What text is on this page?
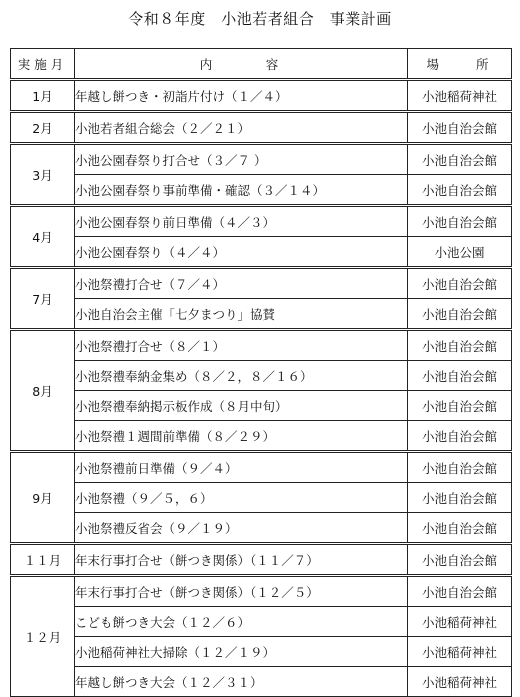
令和８年度　小池若者組合　事業計画
実施月	内　　　容	場　　所
1月	年越し餅つき・初詣片付け（１／４）	小池稲荷神社
2月	小池若者組合総会（２／２１）	小池自治会館
3月	小池公園春祭り打合せ（３／７ ）	小池自治会館
	小池公園春祭り事前準備・確認（３／１４）	小池自治会館
4月	小池公園春祭り前日準備（４／３）	小池自治会館
	小池公園春祭り（４／４）	小池公園
7月	小池祭禮打合せ（７／４）	小池自治会館
	小池自治会主催「七夕まつり」協賛	小池自治会館
8月	小池祭禮打合せ（８／１）	小池自治会館
	小池祭禮奉納金集め（８／２，８／１６）	小池自治会館
	小池祭禮奉納掲示板作成（８月中旬）	小池自治会館
	小池祭禮１週間前準備（８／２９）	小池自治会館
9月	小池祭禮前日準備（９／４）	小池自治会館
	小池祭禮（９／５，６）	小池自治会館
	小池祭禮反省会（９／１９）	小池自治会館
１１月	年末行事打合せ（餅つき関係）（１１／７）	小池自治会館
１２月	年末行事打合せ（餅つき関係）（１２／５）	小池自治会館
	こども餅つき大会（１２／６）	小池稲荷神社
	小池稲荷神社大掃除（１２／１９）	小池稲荷神社
	年越し餅つき大会（１２／３１）	小池稲荷神社
